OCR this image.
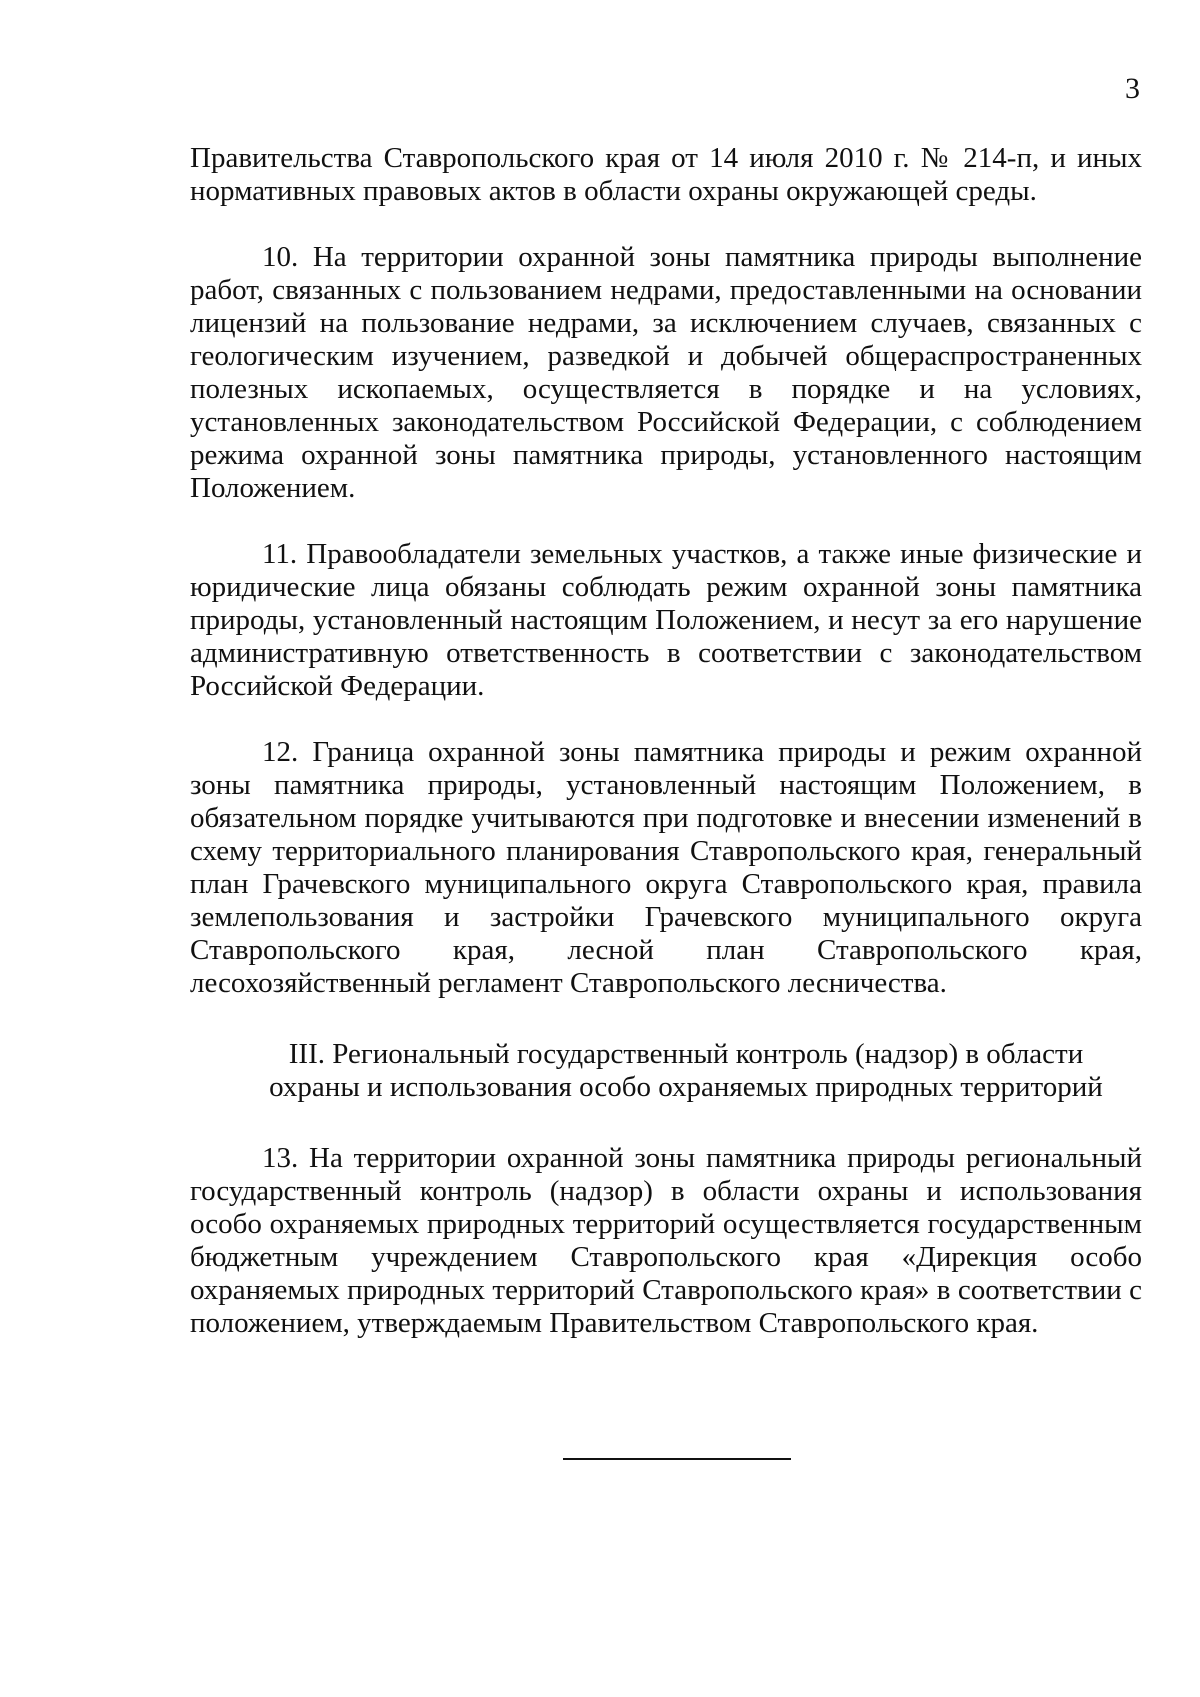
3

Правительства Ставропольского края от 14 июля 2010 г. № 214-п, и иных нормативных правовых актов в области охраны окружающей среды.

10. На территории охранной зоны памятника природы выполнение работ, связанных с пользованием недрами, предоставленными на основании лицензий на пользование недрами, за исключением случаев, связанных с геологическим изучением, разведкой и добычей общераспространенных полезных ископаемых, осуществляется в порядке и на условиях, установленных законодательством Российской Федерации, с соблюдением режима охранной зоны памятника природы, установленного настоящим Положением.

11. Правообладатели земельных участков, а также иные физические и юридические лица обязаны соблюдать режим охранной зоны памятника природы, установленный настоящим Положением, и несут за его нарушение административную ответственность в соответствии с законодательством Российской Федерации.

12. Граница охранной зоны памятника природы и режим охранной зоны памятника природы, установленный настоящим Положением, в обязательном порядке учитываются при подготовке и внесении изменений в схему территориального планирования Ставропольского края, генеральный план Грачевского муниципального округа Ставропольского края, правила землепользования и застройки Грачевского муниципального округа Ставропольского края, лесной план Ставропольского края, лесохозяйственный регламент Ставропольского лесничества.

III. Региональный государственный контроль (надзор) в области
охраны и использования особо охраняемых природных территорий

13. На территории охранной зоны памятника природы региональный государственный контроль (надзор) в области охраны и использования особо охраняемых природных территорий осуществляется государственным бюджетным учреждением Ставропольского края «Дирекция особо охраняемых природных территорий Ставропольского края» в соответствии с положением, утверждаемым Правительством Ставропольского края.
